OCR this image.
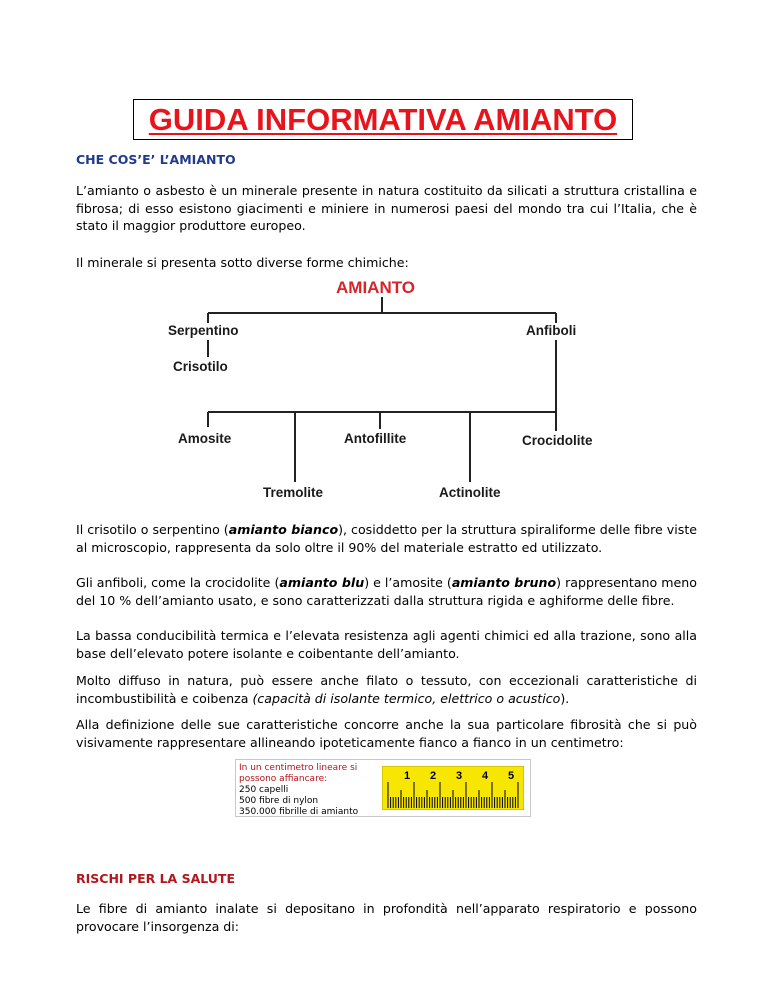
GUIDA INFORMATIVA AMIANTO
CHE COS’E’ L’AMIANTO

L’amianto o asbesto è un minerale presente in natura costituito da silicati a struttura cristallina e fibrosa; di esso esistono giacimenti e miniere in numerosi paesi del mondo tra cui l’Italia, che è stato il maggior produttore europeo.

Il minerale si presenta sotto diverse forme chimiche:

AMIANTO
Serpentino	Anfiboli
Crisotilo
Amosite	Antofillite	Crocidolite
Tremolite	Actinolite

Il crisotilo o serpentino (amianto bianco), cosiddetto per la struttura spiraliforme delle fibre viste al microscopio, rappresenta da solo oltre il 90% del materiale estratto ed utilizzato.

Gli anfiboli, come la crocidolite (amianto blu) e l’amosite (amianto bruno) rappresentano meno del 10 % dell’amianto usato, e sono caratterizzati dalla struttura rigida e aghiforme delle fibre.

La bassa conducibilità termica e l’elevata resistenza agli agenti chimici ed alla trazione, sono alla base dell’elevato potere isolante e coibentante dell’amianto.

Molto diffuso in natura, può essere anche filato o tessuto, con eccezionali caratteristiche di incombustibilità e coibenza (capacità di isolante termico, elettrico o acustico).

Alla definizione delle sue caratteristiche concorre anche la sua particolare fibrosità che si può visivamente rappresentare allineando ipoteticamente fianco a fianco in un centimetro:

In un centimetro lineare si
possono affiancare:
250 capelli
500 fibre di nylon
350.000 fibrille di amianto
1 2 3 4 5
RISCHI PER LA SALUTE

Le fibre di amianto inalate si depositano in profondità nell’apparato respiratorio e possono provocare l’insorgenza di:
